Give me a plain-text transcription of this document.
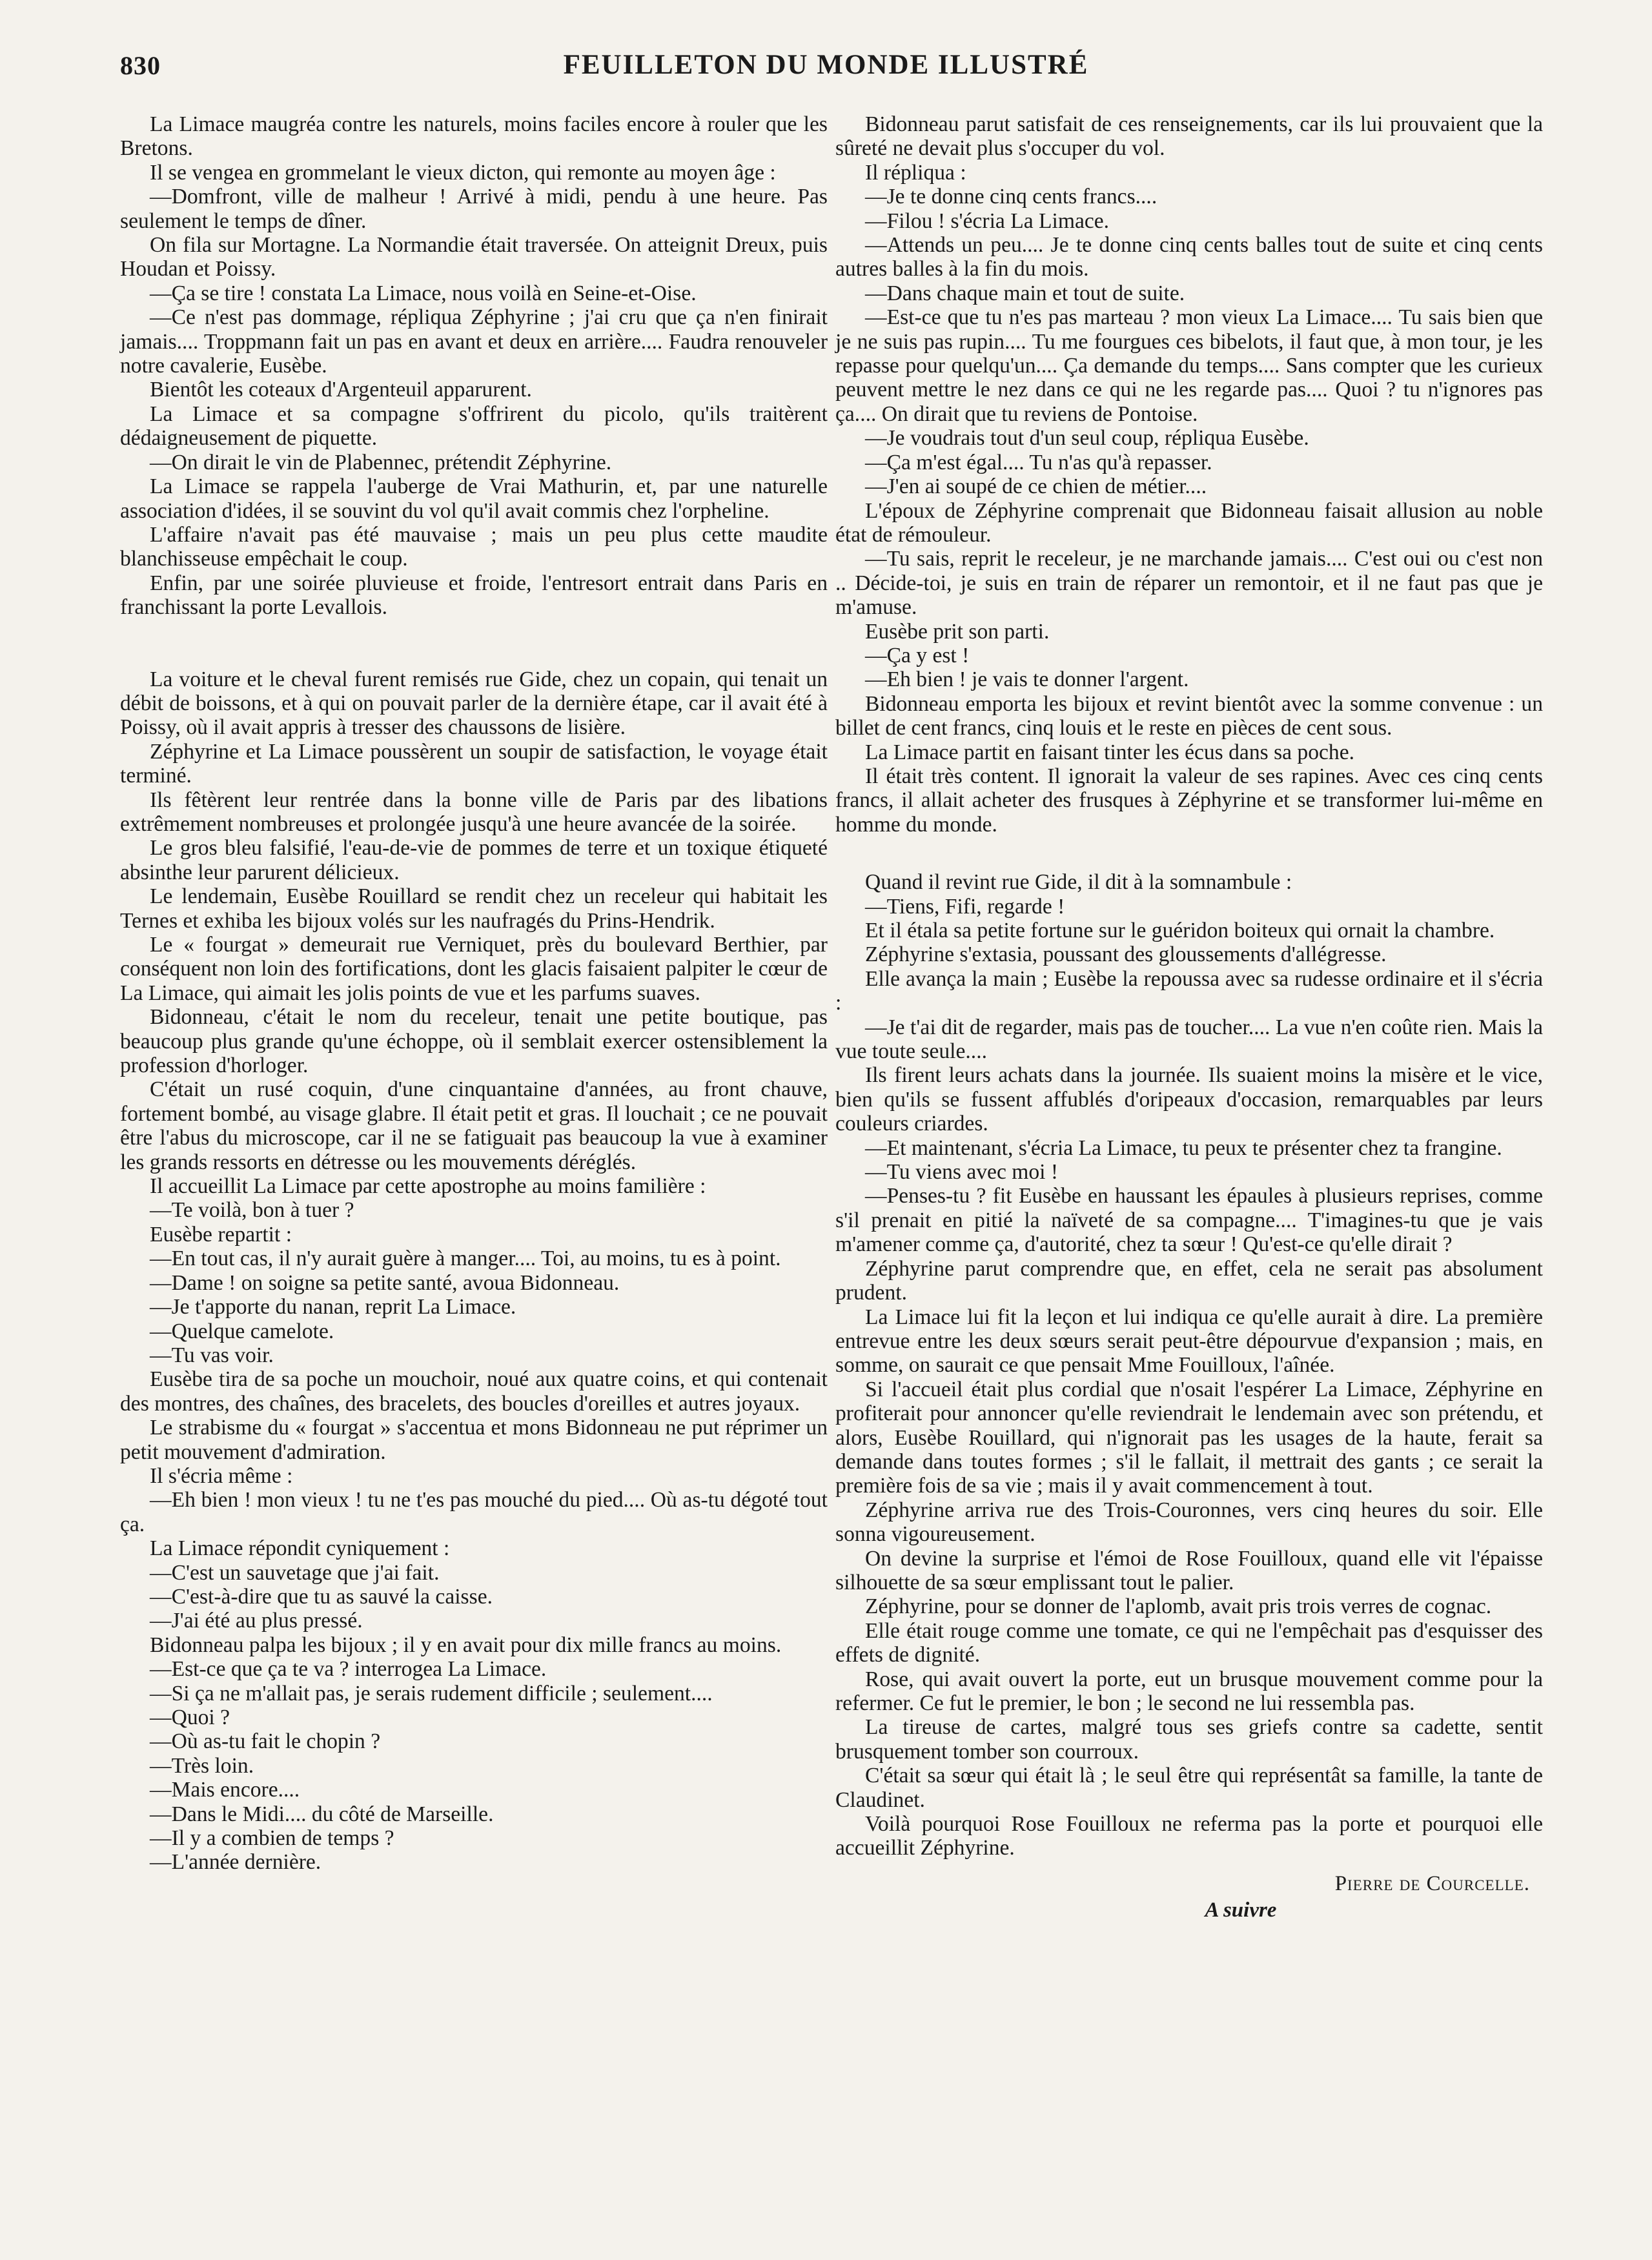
830	FEUILLETON DU MONDE ILLUSTRÉ

La Limace maugréa contre les naturels, moins faciles encore à rouler que les Bretons.

Il se vengea en grommelant le vieux dicton, qui remonte au moyen âge :

—Domfront, ville de malheur ! Arrivé à midi, pendu à une heure. Pas seulement le temps de dîner.

On fila sur Mortagne. La Normandie était traversée. On atteignit Dreux, puis Houdan et Poissy.

—Ça se tire ! constata La Limace, nous voilà en Seine-et-Oise.

—Ce n'est pas dommage, répliqua Zéphyrine ; j'ai cru que ça n'en finirait jamais.... Troppmann fait un pas en avant et deux en arrière.... Faudra renouveler notre cavalerie, Eusèbe.

Bientôt les coteaux d'Argenteuil apparurent.

La Limace et sa compagne s'offrirent du picolo, qu'ils traitèrent dédaigneusement de piquette.

—On dirait le vin de Plabennec, prétendit Zéphyrine.

La Limace se rappela l'auberge de Vrai Mathurin, et, par une naturelle association d'idées, il se souvint du vol qu'il avait commis chez l'orpheline.

L'affaire n'avait pas été mauvaise ; mais un peu plus cette maudite blanchisseuse empêchait le coup.

Enfin, par une soirée pluvieuse et froide, l'entresort entrait dans Paris en franchissant la porte Levallois.

La voiture et le cheval furent remisés rue Gide, chez un copain, qui tenait un débit de boissons, et à qui on pouvait parler de la dernière étape, car il avait été à Poissy, où il avait appris à tresser des chaussons de lisière.

Zéphyrine et La Limace poussèrent un soupir de satisfaction, le voyage était terminé.

Ils fêtèrent leur rentrée dans la bonne ville de Paris par des libations extrêmement nombreuses et prolongée jusqu'à une heure avancée de la soirée.

Le gros bleu falsifié, l'eau-de-vie de pommes de terre et un toxique étiqueté absinthe leur parurent délicieux.

Le lendemain, Eusèbe Rouillard se rendit chez un receleur qui habitait les Ternes et exhiba les bijoux volés sur les naufragés du Prins-Hendrik.

Le « fourgat » demeurait rue Verniquet, près du boulevard Berthier, par conséquent non loin des fortifications, dont les glacis faisaient palpiter le cœur de La Limace, qui aimait les jolis points de vue et les parfums suaves.

Bidonneau, c'était le nom du receleur, tenait une petite boutique, pas beaucoup plus grande qu'une échoppe, où il semblait exercer ostensiblement la profession d'horloger.

C'était un rusé coquin, d'une cinquantaine d'années, au front chauve, fortement bombé, au visage glabre. Il était petit et gras. Il louchait ; ce ne pouvait être l'abus du microscope, car il ne se fatiguait pas beaucoup la vue à examiner les grands ressorts en détresse ou les mouvements déréglés.

Il accueillit La Limace par cette apostrophe au moins familière :

—Te voilà, bon à tuer ?

Eusèbe repartit :

—En tout cas, il n'y aurait guère à manger.... Toi, au moins, tu es à point.

—Dame ! on soigne sa petite santé, avoua Bidonneau.

—Je t'apporte du nanan, reprit La Limace.

—Quelque camelote.

—Tu vas voir.

Eusèbe tira de sa poche un mouchoir, noué aux quatre coins, et qui contenait des montres, des chaînes, des bracelets, des boucles d'oreilles et autres joyaux.

Le strabisme du « fourgat » s'accentua et mons Bidonneau ne put réprimer un petit mouvement d'admiration.

Il s'écria même :

—Eh bien ! mon vieux ! tu ne t'es pas mouché du pied.... Où as-tu dégoté tout ça.

La Limace répondit cyniquement :

—C'est un sauvetage que j'ai fait.

—C'est-à-dire que tu as sauvé la caisse.

—J'ai été au plus pressé.

Bidonneau palpa les bijoux ; il y en avait pour dix mille francs au moins.

—Est-ce que ça te va ? interrogea La Limace.

—Si ça ne m'allait pas, je serais rudement difficile ; seulement....

—Quoi ?

—Où as-tu fait le chopin ?

—Très loin.

—Mais encore....

—Dans le Midi.... du côté de Marseille.

—Il y a combien de temps ?

—L'année dernière.

Bidonneau parut satisfait de ces renseignements, car ils lui prouvaient que la sûreté ne devait plus s'occuper du vol.

Il répliqua :

—Je te donne cinq cents francs....

—Filou ! s'écria La Limace.

—Attends un peu.... Je te donne cinq cents balles tout de suite et cinq cents autres balles à la fin du mois.

—Dans chaque main et tout de suite.

—Est-ce que tu n'es pas marteau ? mon vieux La Limace.... Tu sais bien que je ne suis pas rupin.... Tu me fourgues ces bibelots, il faut que, à mon tour, je les repasse pour quelqu'un.... Ça demande du temps.... Sans compter que les curieux peuvent mettre le nez dans ce qui ne les regarde pas.... Quoi ? tu n'ignores pas ça.... On dirait que tu reviens de Pontoise.

—Je voudrais tout d'un seul coup, répliqua Eusèbe.

—Ça m'est égal.... Tu n'as qu'à repasser.

—J'en ai soupé de ce chien de métier....

L'époux de Zéphyrine comprenait que Bidonneau faisait allusion au noble état de rémouleur.

—Tu sais, reprit le receleur, je ne marchande jamais.... C'est oui ou c'est non .. Décide-toi, je suis en train de réparer un remontoir, et il ne faut pas que je m'amuse.

Eusèbe prit son parti.

—Ça y est !

—Eh bien ! je vais te donner l'argent.

Bidonneau emporta les bijoux et revint bientôt avec la somme convenue : un billet de cent francs, cinq louis et le reste en pièces de cent sous.

La Limace partit en faisant tinter les écus dans sa poche.

Il était très content. Il ignorait la valeur de ses rapines. Avec ces cinq cents francs, il allait acheter des frusques à Zéphyrine et se transformer lui-même en homme du monde.

Quand il revint rue Gide, il dit à la somnambule :

—Tiens, Fifi, regarde !

Et il étala sa petite fortune sur le guéridon boiteux qui ornait la chambre.

Zéphyrine s'extasia, poussant des gloussements d'allégresse.

Elle avança la main ; Eusèbe la repoussa avec sa rudesse ordinaire et il s'écria :

—Je t'ai dit de regarder, mais pas de toucher.... La vue n'en coûte rien. Mais la vue toute seule....

Ils firent leurs achats dans la journée. Ils suaient moins la misère et le vice, bien qu'ils se fussent affublés d'oripeaux d'occasion, remarquables par leurs couleurs criardes.

—Et maintenant, s'écria La Limace, tu peux te présenter chez ta frangine.

—Tu viens avec moi !

—Penses-tu ? fit Eusèbe en haussant les épaules à plusieurs reprises, comme s'il prenait en pitié la naïveté de sa compagne.... T'imagines-tu que je vais m'amener comme ça, d'autorité, chez ta sœur ! Qu'est-ce qu'elle dirait ?

Zéphyrine parut comprendre que, en effet, cela ne serait pas absolument prudent.

La Limace lui fit la leçon et lui indiqua ce qu'elle aurait à dire. La première entrevue entre les deux sœurs serait peut-être dépourvue d'expansion ; mais, en somme, on saurait ce que pensait Mme Fouilloux, l'aînée.

Si l'accueil était plus cordial que n'osait l'espérer La Limace, Zéphyrine en profiterait pour annoncer qu'elle reviendrait le lendemain avec son prétendu, et alors, Eusèbe Rouillard, qui n'ignorait pas les usages de la haute, ferait sa demande dans toutes formes ; s'il le fallait, il mettrait des gants ; ce serait la première fois de sa vie ; mais il y avait commencement à tout.

Zéphyrine arriva rue des Trois-Couronnes, vers cinq heures du soir. Elle sonna vigoureusement.

On devine la surprise et l'émoi de Rose Fouilloux, quand elle vit l'épaisse silhouette de sa sœur emplissant tout le palier.

Zéphyrine, pour se donner de l'aplomb, avait pris trois verres de cognac.

Elle était rouge comme une tomate, ce qui ne l'empêchait pas d'esquisser des effets de dignité.

Rose, qui avait ouvert la porte, eut un brusque mouvement comme pour la refermer. Ce fut le premier, le bon ; le second ne lui ressembla pas.

La tireuse de cartes, malgré tous ses griefs contre sa cadette, sentit brusquement tomber son courroux.

C'était sa sœur qui était là ; le seul être qui représentât sa famille, la tante de Claudinet.

Voilà pourquoi Rose Fouilloux ne referma pas la porte et pourquoi elle accueillit Zéphyrine.

Pierre de Courcelle.
A suivre
